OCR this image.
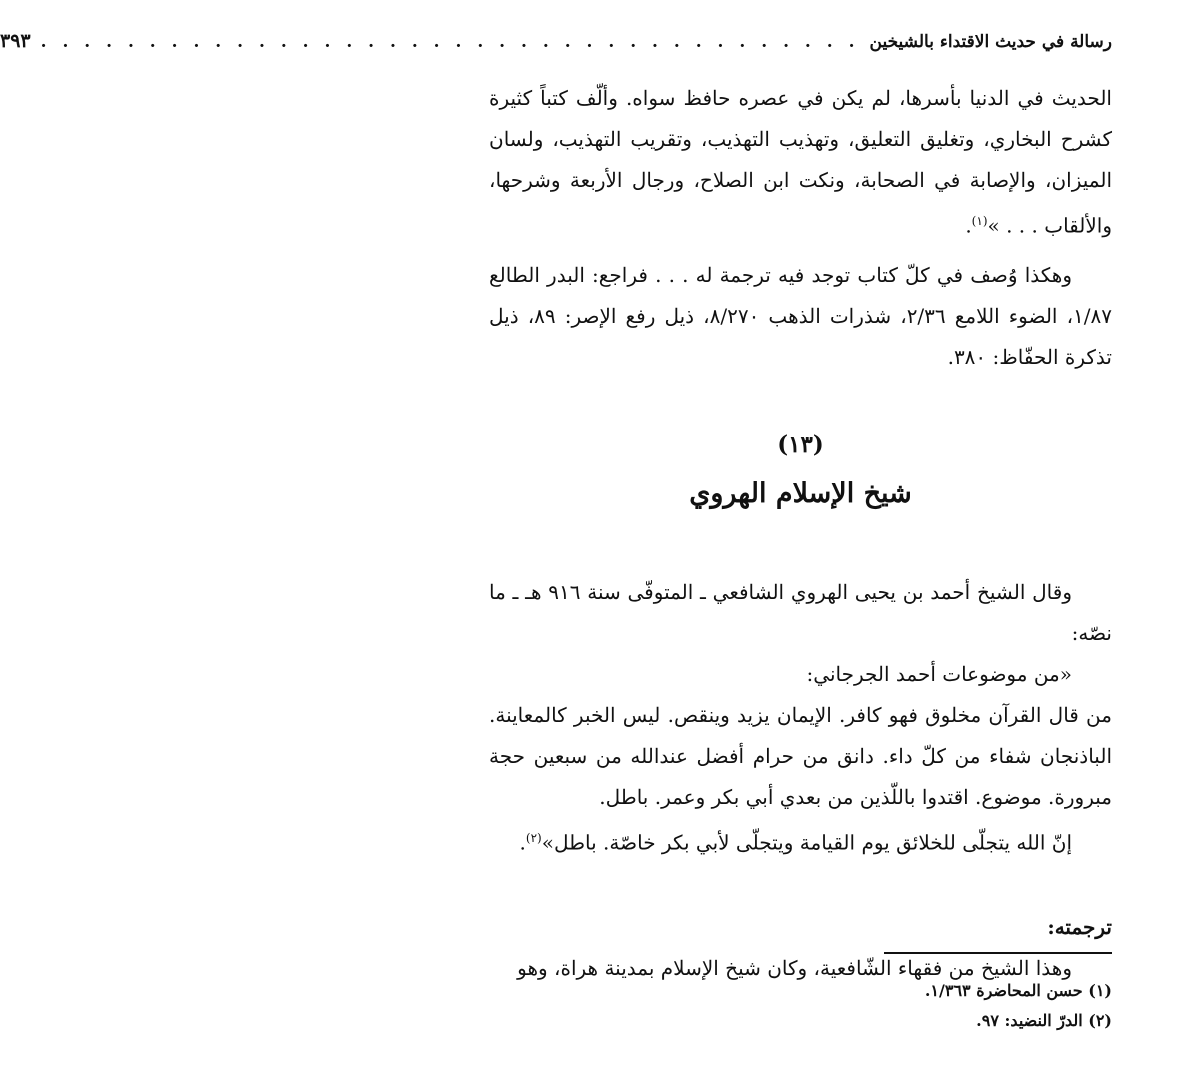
رسالة في حديث الاقتداء بالشيخين
. . . . . . . . . . . . . . . . . . . . . . . . . . . . . . . . . . . . . .
٣٩٣

الحديث في الدنيا بأسرها، لم يكن في عصره حافظ سواه. وألّف كتباً كثيرة كشرح البخاري، وتغليق التعليق، وتهذيب التهذيب، وتقريب التهذيب، ولسان الميزان، والإصابة في الصحابة، ونكت ابن الصلاح، ورجال الأربعة وشرحها، والألقاب . . . »$^{(١)}$.

وهكذا وُصف في كلّ كتاب توجد فيه ترجمة له . . . فراجع: البدر الطالع ١/٨٧، الضوء اللامع ٢/٣٦، شذرات الذهب ٨/٢٧٠، ذيل رفع الإصر: ٨٩، ذيل تذكرة الحفّاظ: ٣٨٠.

(١٣)
شيخ الإسلام الهروي

وقال الشيخ أحمد بن يحيى الهروي الشافعي ـ المتوفّى سنة ٩١٦ هـ ـ ما نصّه:

«من موضوعات أحمد الجرجاني:

من قال القرآن مخلوق فهو كافر. الإيمان يزيد وينقص. ليس الخبر كالمعاينة. الباذنجان شفاء من كلّ داء. دانق من حرام أفضل عندالله من سبعين حجة مبرورة. موضوع. اقتدوا باللّذين من بعدي أبي بكر وعمر. باطل.

إنّ الله يتجلّى للخلائق يوم القيامة ويتجلّى لأبي بكر خاصّة. باطل»$^{(٢)}$.

ترجمته:

وهذا الشيخ من فقهاء الشّافعية، وكان شيخ الإسلام بمدينة هراة، وهو

(١) حسن المحاضرة ١/٣٦٣.
(٢) الدرّ النضيد: ٩٧.
